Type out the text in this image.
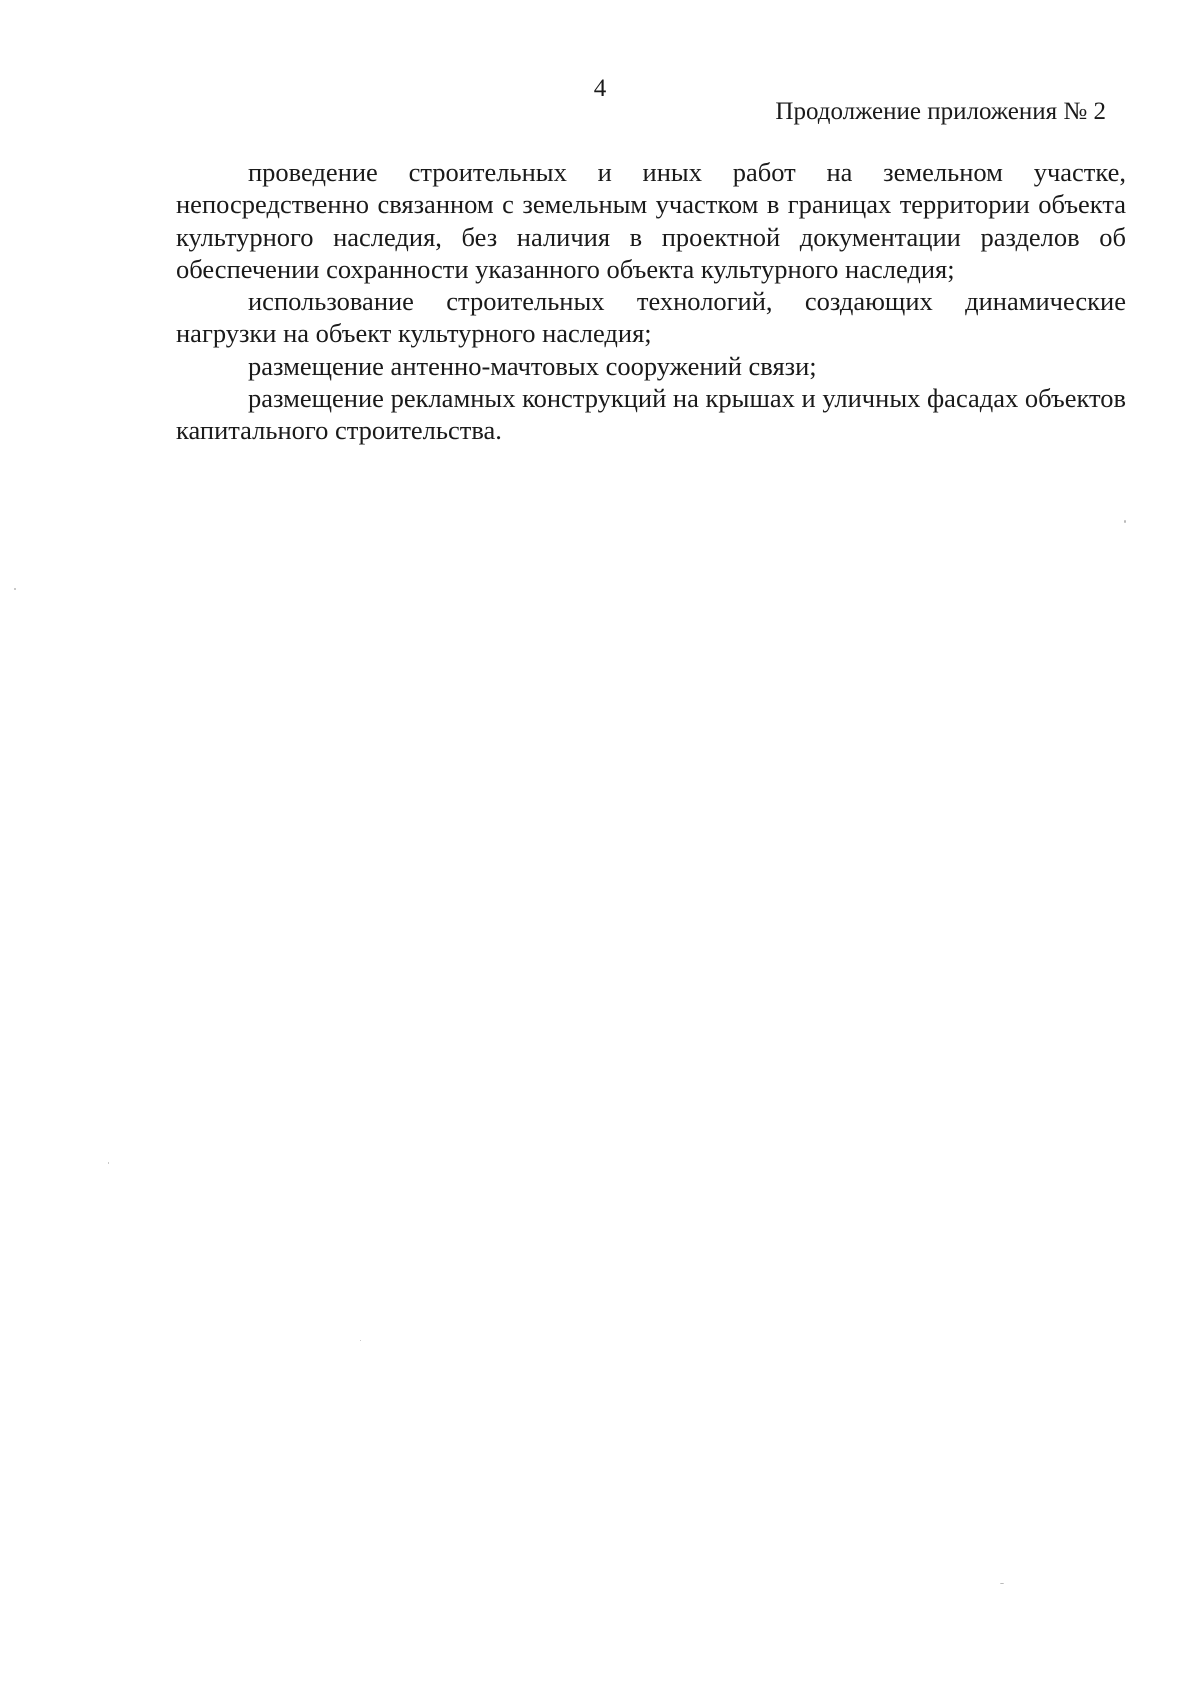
4
Продолжение приложения № 2

проведение строительных и иных работ на земельном участке, непосредственно связанном с земельным участком в границах территории объекта культурного наследия, без наличия в проектной документации разделов об обеспечении сохранности указанного объекта культурного наследия;

использование строительных технологий, создающих динамические нагрузки на объект культурного наследия;

размещение антенно-мачтовых сооружений связи;

размещение рекламных конструкций на крышах и уличных фасадах объектов капитального строительства.
